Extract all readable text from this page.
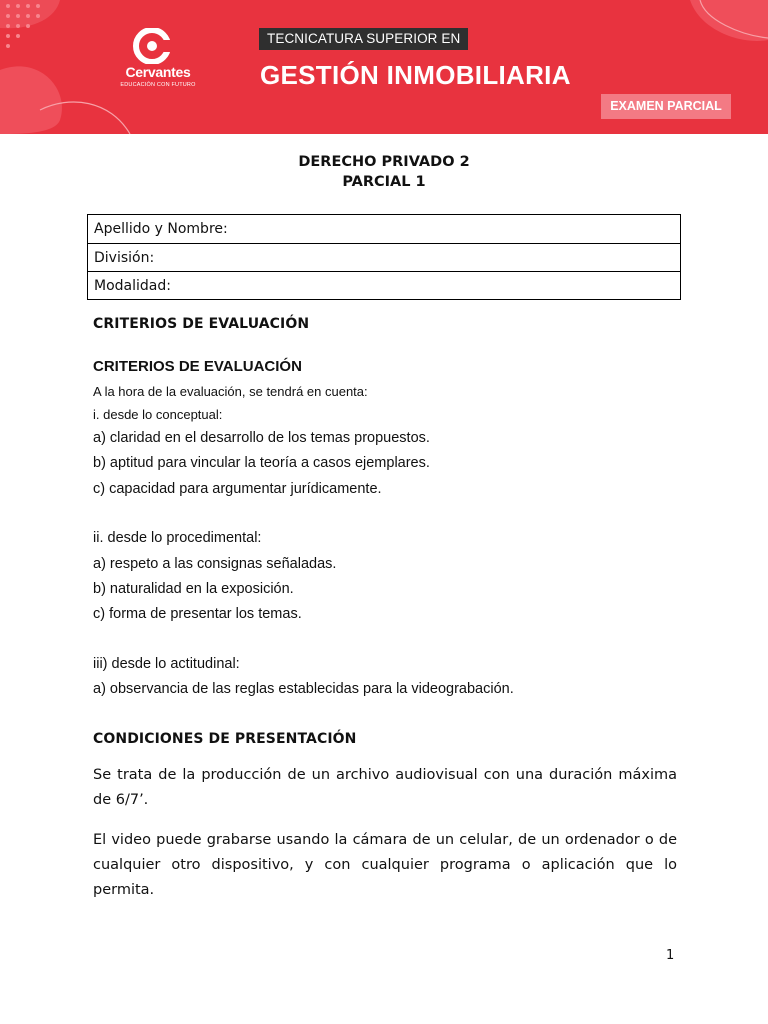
Cervantes
EDUCACIÓN CON FUTURO
TECNICATURA SUPERIOR EN
GESTIÓN INMOBILIARIA
EXAMEN PARCIAL
DERECHO PRIVADO 2
PARCIAL 1
Apellido y Nombre:
División:
Modalidad:
CRITERIOS DE EVALUACIÓN
CRITERIOS DE EVALUACIÓN
A la hora de la evaluación, se tendrá en cuenta:
i. desde lo conceptual:
a) claridad en el desarrollo de los temas propuestos.
b) aptitud para vincular la teoría a casos ejemplares.
c) capacidad para argumentar jurídicamente.
ii. desde lo procedimental:
a) respeto a las consignas señaladas.
b) naturalidad en la exposición.
c) forma de presentar los temas.
iii) desde lo actitudinal:
a) observancia de las reglas establecidas para la videograbación.
CONDICIONES DE PRESENTACIÓN
Se trata de la producción de un archivo audiovisual con una duración máxima de 6/7’.
El video puede grabarse usando la cámara de un celular, de un ordenador o de cualquier otro dispositivo, y con cualquier programa o aplicación que lo permita.
1
